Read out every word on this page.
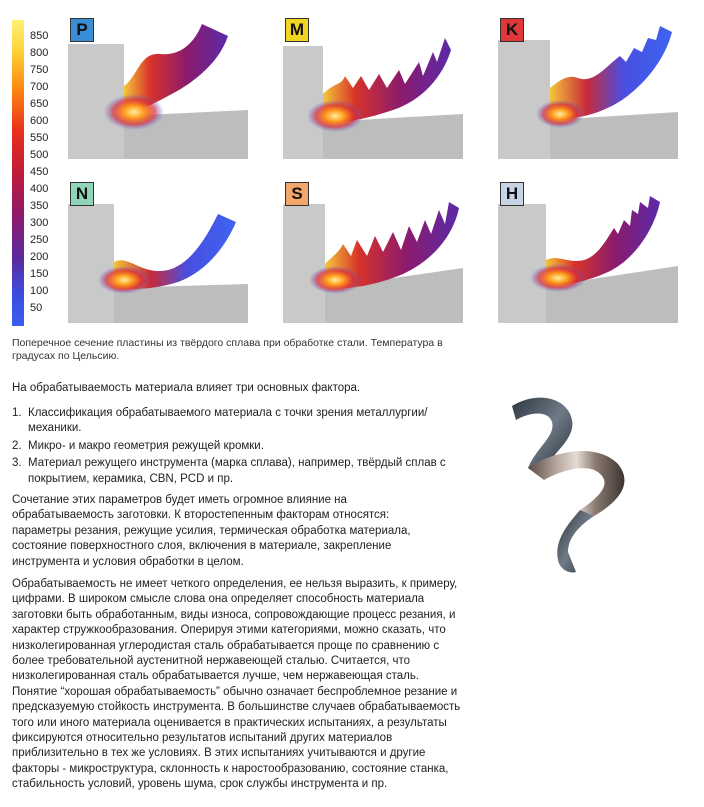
850
800
750
700
650
600
550
500
450
400
350
300
250
200
150
100
50
P	M	K
N	S	H
Поперечное сечение пластины из твёрдого сплава при обработке стали. Температура в градусах по Цельсию.
На обрабатываемость материала влияет три основных фактора.
1. Классификация обрабатываемого материала с точки зрения металлургии/ механики.
2. Микро- и макро геометрия режущей кромки.
3. Материал режущего инструмента (марка сплава), например, твёрдый сплав с покрытием, керамика, CBN, PCD и пр.
Сочетание этих параметров будет иметь огромное влияние на обрабатываемость заготовки. К второстепенным факторам относятся: параметры резания, режущие усилия, термическая обработка материала, состояние поверхностного слоя, включения в материале, закрепление инструмента и условия обработки в целом.
Обрабатываемость не имеет четкого определения, ее нельзя выразить, к примеру, цифрами. В широком смысле слова она определяет способность материала заготовки быть обработанным, виды износа, сопровождающие процесс резания, и характер стружкообразования. Оперируя этими категориями, можно сказать, что низколегированная углеродистая сталь обрабатывается проще по сравнению с более требовательной аустенитной нержавеющей сталью. Считается, что низколегированная сталь обрабатывается лучше, чем нержавеющая сталь. Понятие “хорошая обрабатываемость” обычно означает беспроблемное резание и предсказуемую стойкость инструмента. В большинстве случаев обрабатываемость того или иного материала оценивается в практических испытаниях, а результаты фиксируются относительно результатов испытаний других материалов приблизительно в тех же условиях. В этих испытаниях учитываются и другие факторы - микроструктура, склонность к наростообразованию, состояние станка, стабильность условий, уровень шума, срок службы инструмента и пр.
